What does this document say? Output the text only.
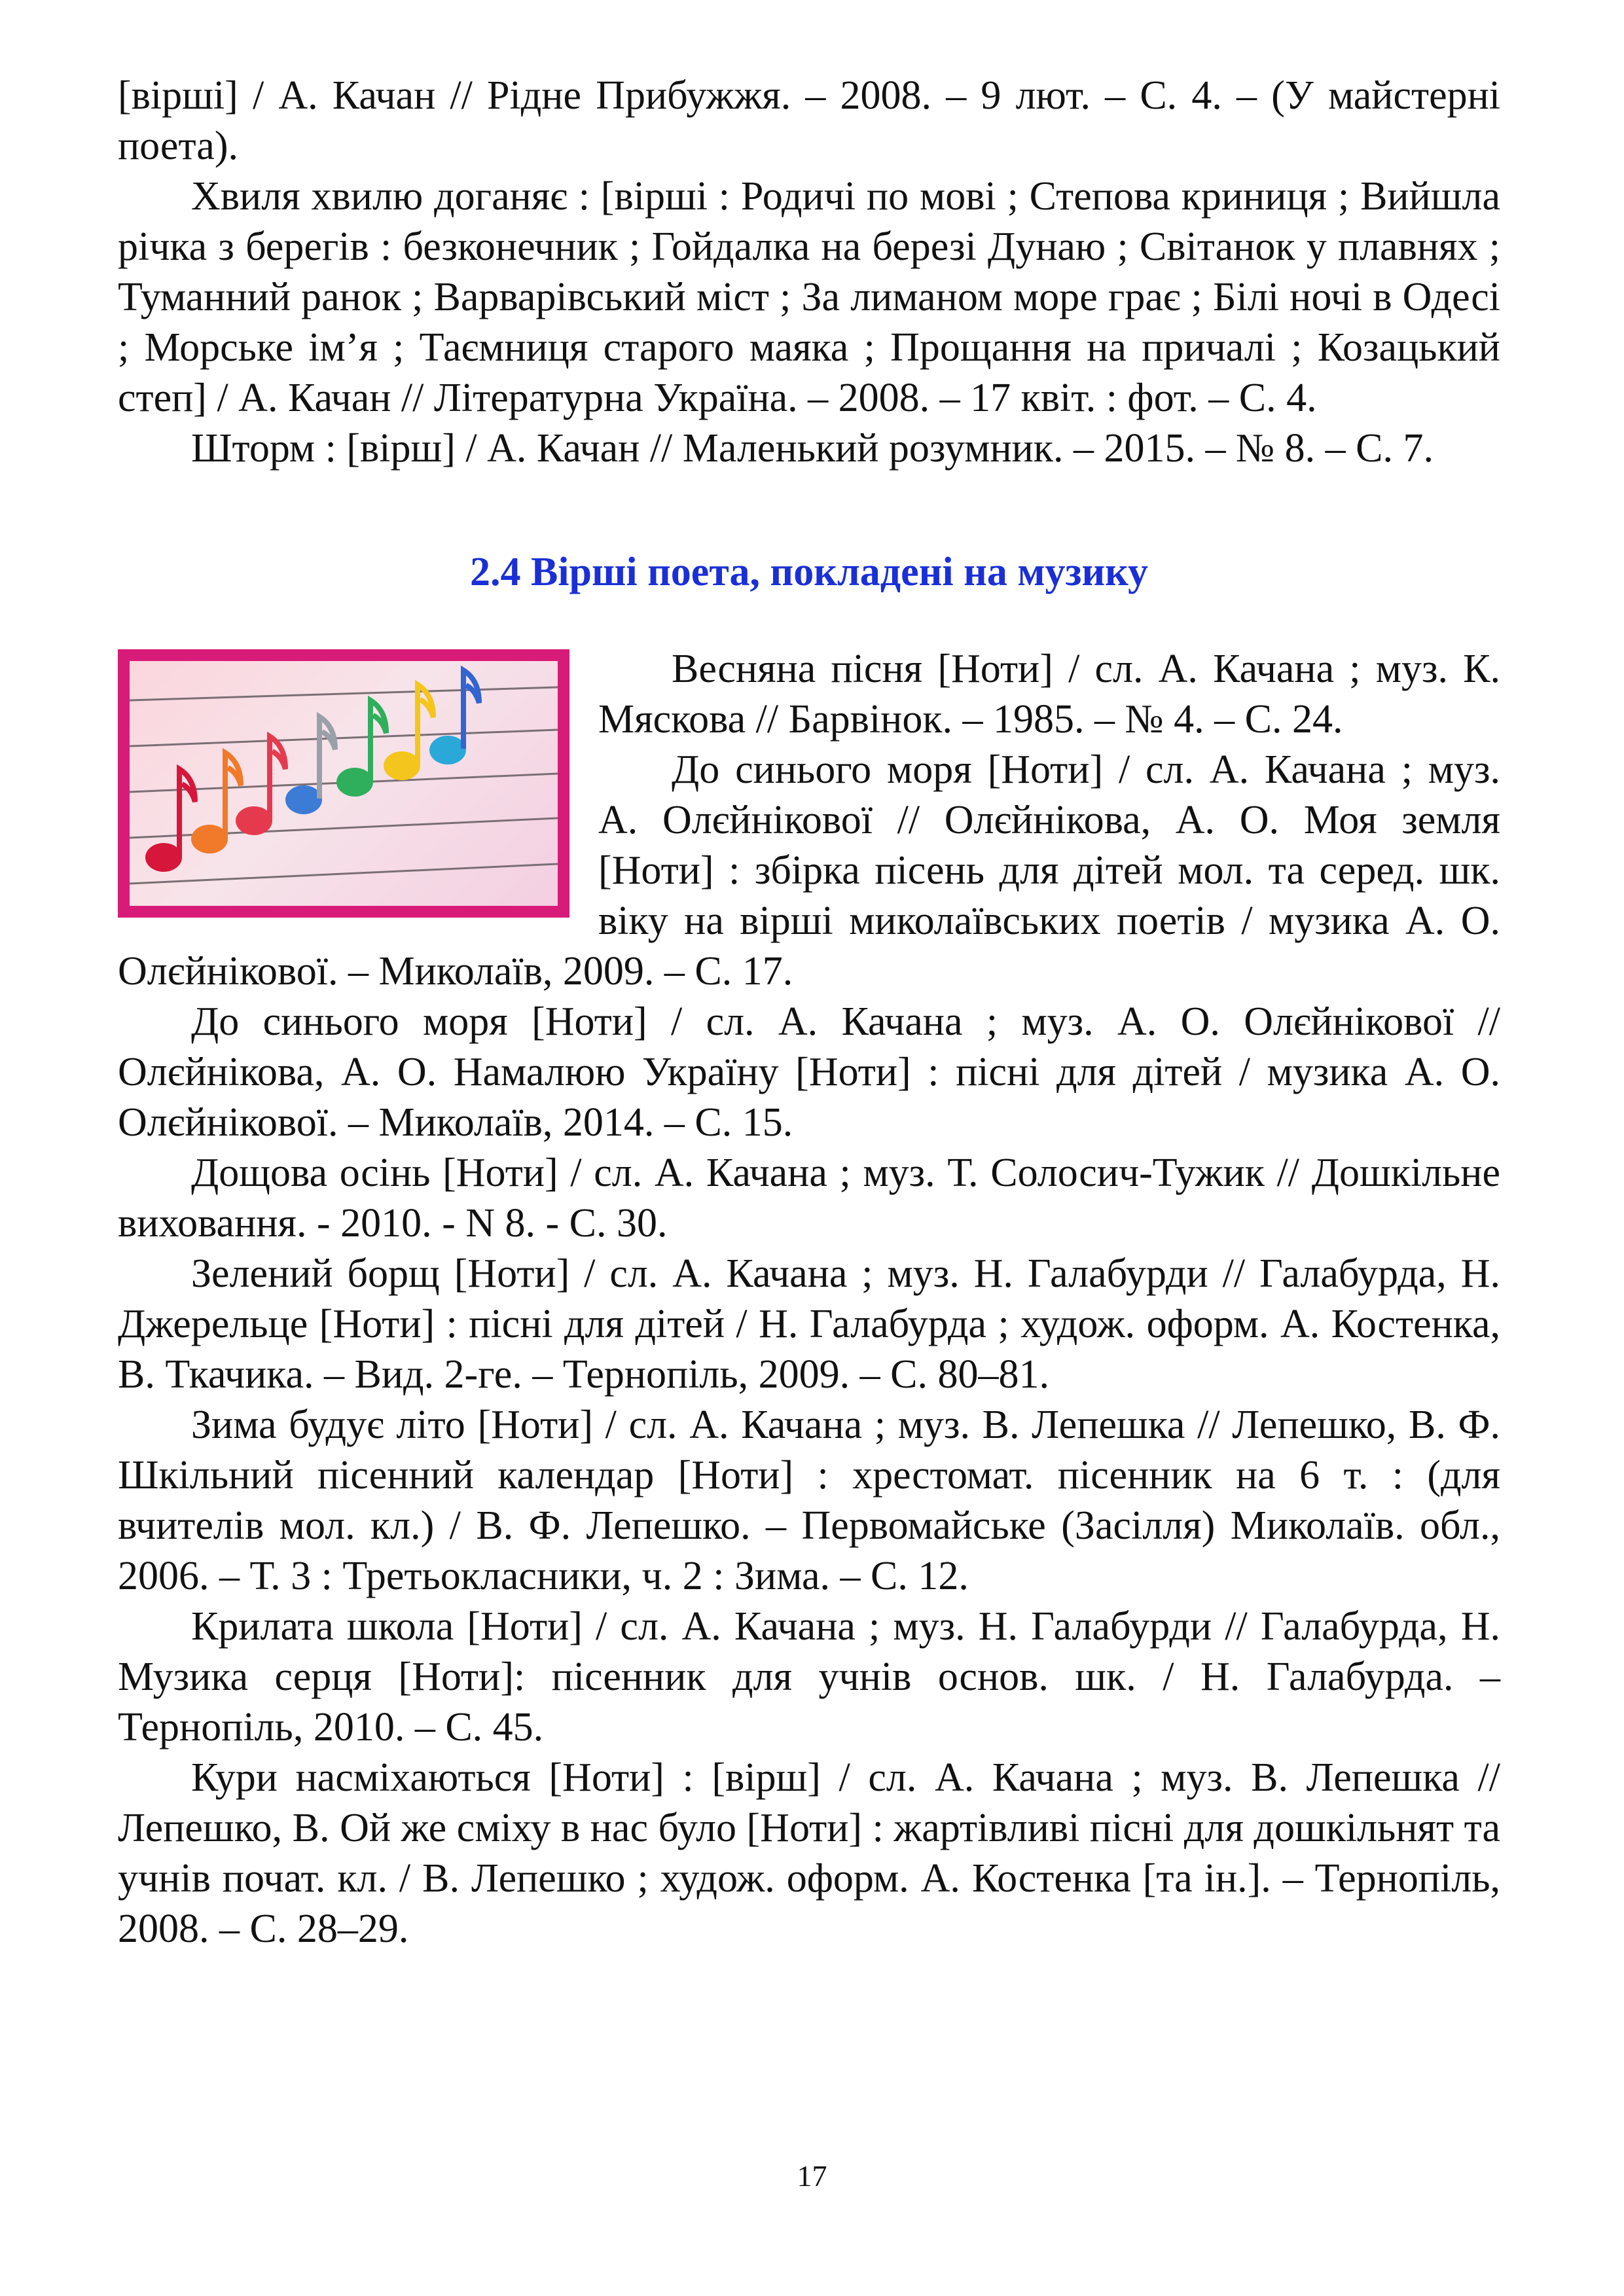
[вірші] / А. Качан // Рідне Прибужжя. – 2008. – 9 лют. – С. 4. – (У майстерні поета).

Хвиля хвилю доганяє : [вірші : Родичі по мові ; Степова криниця ; Вийшла річка з берегів : безконечник ; Гойдалка на березі Дунаю ; Світанок у плавнях ; Туманний ранок ; Варварівський міст ; За лиманом море грає ; Білі ночі в Одесі ; Морське ім’я ; Таємниця старого маяка ; Прощання на причалі ; Козацький степ] / А. Качан // Літературна Україна. – 2008. – 17 квіт. : фот. – С. 4.

Шторм : [вірш] / А. Качан // Маленький розумник. – 2015. – № 8. – С. 7.

2.4 Вірші поета, покладені на музику

Весняна пісня [Ноти] / сл. А. Качана ; муз. К. Мяскова // Барвінок. – 1985. – № 4. – С. 24.

До синього моря [Ноти] / сл. А. Качана ; муз. А. Олєйнікової // Олєйнікова, А. О. Моя земля [Ноти] : збірка пісень для дітей мол. та серед. шк. віку на вірші миколаївських поетів / музика А. О. Олєйнікової. – Миколаїв, 2009. – С. 17.

До синього моря [Ноти] / сл. А. Качана ; муз. А. О. Олєйнікової // Олєйнікова, А. О. Намалюю Україну [Ноти] : пісні для дітей / музика А. О. Олєйнікової. – Миколаїв, 2014. – С. 15.

Дощова осінь [Ноти] / сл. А. Качана ; муз. Т. Солосич-Тужик // Дошкільне виховання. - 2010. - N 8. - С. 30.

Зелений борщ [Ноти] / сл. А. Качана ; муз. Н. Галабурди // Галабурда, Н. Джерельце [Ноти] : пісні для дітей / Н. Галабурда ; худож. оформ. А. Костенка, В. Ткачика. – Вид. 2-ге. – Тернопіль, 2009. – С. 80–81.

Зима будує літо [Ноти] / сл. А. Качана ; муз. В. Лепешка // Лепешко, В. Ф. Шкільний пісенний календар [Ноти] : хрестомат. пісенник на 6 т. : (для вчителів мол. кл.) / В. Ф. Лепешко. – Первомайське (Засілля) Миколаїв. обл., 2006. – Т. 3 : Третьокласники, ч. 2 : Зима. – С. 12.

Крилата школа [Ноти] / сл. А. Качана ; муз. Н. Галабурди // Галабурда, Н. Музика серця [Ноти]: пісенник для учнів основ. шк. / Н. Галабурда. – Тернопіль, 2010. – С. 45.

Кури насміхаються [Ноти] : [вірш] / сл. А. Качана ; муз. В. Лепешка // Лепешко, В. Ой же сміху в нас було [Ноти] : жартівливі пісні для дошкільнят та учнів почат. кл. / В. Лепешко ; худож. оформ. А. Костенка [та ін.]. – Тернопіль, 2008. – С. 28–29.

17
